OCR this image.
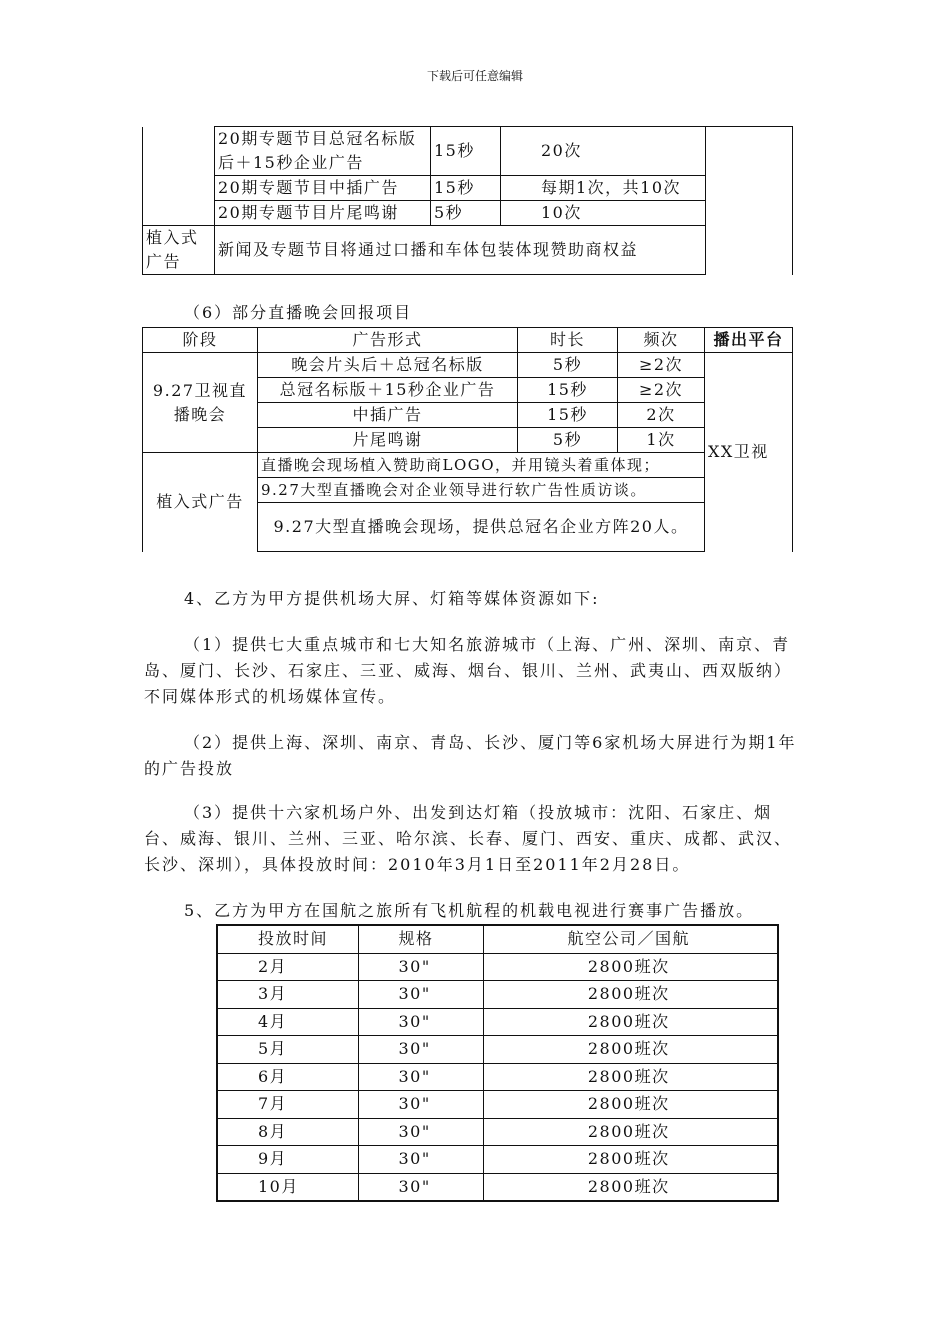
下载后可任意编辑
	20期专题节目总冠名标版后＋15秒企业广告	15秒	20次	
	20期专题节目中插广告	15秒	每期1次，共10次	
	20期专题节目片尾鸣谢	5秒	10次	
植入式广告	新闻及专题节目将通过口播和车体包装体现赞助商权益			
（6）部分直播晚会回报项目
阶段	广告形式	时长	频次	播出平台
9.27卫视直播晚会	晚会片头后＋总冠名标版	5秒	≥2次	XX卫视
	总冠名标版＋15秒企业广告	15秒	≥2次	
	中插广告	15秒	2次	
	片尾鸣谢	5秒	1次	
植入式广告	直播晚会现场植入赞助商LOGO，并用镜头着重体现；			
	9.27大型直播晚会对企业领导进行软广告性质访谈。			
	9.27大型直播晚会现场，提供总冠名企业方阵20人。			
4、乙方为甲方提供机场大屏、灯箱等媒体资源如下:
（1）提供七大重点城市和七大知名旅游城市（上海、广州、深圳、南京、青岛、厦门、长沙、石家庄、三亚、威海、烟台、银川、兰州、武夷山、西双版纳）不同媒体形式的机场媒体宣传。
（2）提供上海、深圳、南京、青岛、长沙、厦门等6家机场大屏进行为期1年的广告投放
（3）提供十六家机场户外、出发到达灯箱（投放城市：沈阳、石家庄、烟台、威海、银川、兰州、三亚、哈尔滨、长春、厦门、西安、重庆、成都、武汉、长沙、深圳），具体投放时间：2010年3月1日至2011年2月28日。
5、乙方为甲方在国航之旅所有飞机航程的机载电视进行赛事广告播放。
投放时间	规格	航空公司／国航
2月	30"	2800班次
3月	30"	2800班次
4月	30"	2800班次
5月	30"	2800班次
6月	30"	2800班次
7月	30"	2800班次
8月	30"	2800班次
9月	30"	2800班次
10月	30"	2800班次
